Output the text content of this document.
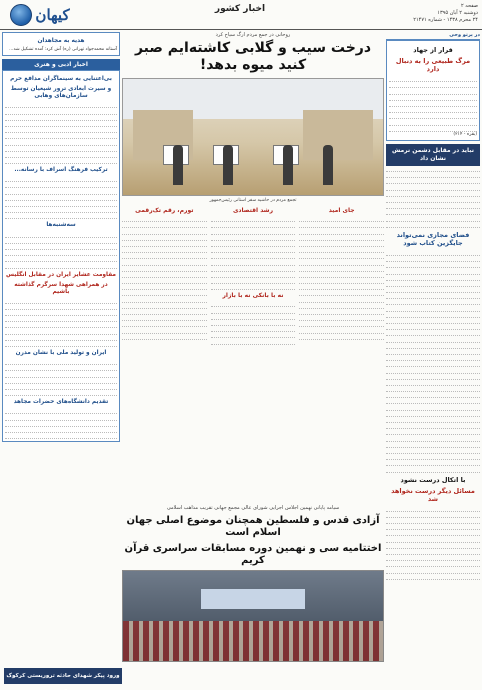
صفحه ۲
دوشنبه ۲ آبان ۱۳۹۵
۲۴ محرم ۱۴۳۸ - شماره ۲۱۴۷۱
اخبار کشور
کیهان
هدیه به مجاهدان
آستانه محمدجواد تهرانی (ره) آش کرد: آمده تشکیل شد...
اخبار ادبی و هنری
بی‌اعتنایی به سینماگران مدافع حرم
و سیرت ابعادی ترور شیعیان توسط سازمان‌های وهابی
ترکیب فرهنگ اسراف با رسانه...
سه‌شنبه‌ها
مقاومت عشایر ایران در مقابل انگلیس
در همراهی شهدا سرگرم گذاشته باشیم
ایران و تولید ملی با نشان مدرن
تقدیم دانشگاه‌های حضرات مجاهد
ورود پیکر شهدای حادثه تروریستی کرکوک به کشور
روحانی در جمع مردم ارگ سیاح کرد
درخت سیب و گلابی کاشته‌ایم صبر کنید میوه بدهد!
تجمع مردم در حاشیه سفر استانی رئیس‌جمهور
جای امید
رشد اقتصادی
نه با بانکی نه با بازار
تورم، رقم تک‌رقمی
سیامه پایانی نهمین اجلاس اجرایی شورای عالی مجمع جهانی تقریب مذاهب اسلامی
آزادی قدس و فلسطین همچنان موضوع اصلی جهان اسلام است
اختتامیه سی و نهمین دوره مسابقات سراسری قرآن کریم
در پرتو وحی
قرار از جهاد
مرگ طبیعی را به دنبال دارد
(بقره - ۲۱۴)
نباید در مقابل دشمن نرمش نشان داد
فضای مجازی نمی‌تواند جایگزین کتاب شود
با اتکال درست نشود
مسائل دیگر درست نخواهد شد
